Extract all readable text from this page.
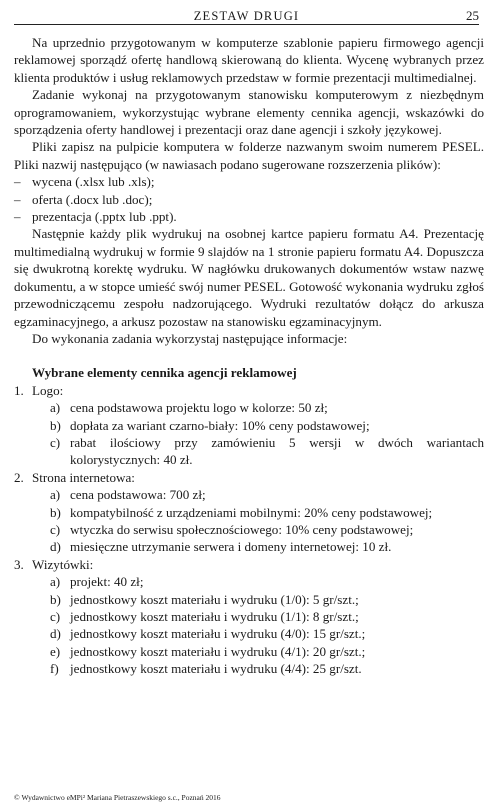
ZESTAW DRUGI	25

Na uprzednio przygotowanym w komputerze szablonie papieru firmowego agencji reklamowej sporządź ofertę handlową skierowaną do klienta. Wycenę wybranych przez klienta produktów i usług reklamowych przedstaw w formie prezentacji multimedialnej.

Zadanie wykonaj na przygotowanym stanowisku komputerowym z niezbędnym oprogramowaniem, wykorzystując wybrane elementy cennika agencji, wskazówki do sporządzenia oferty handlowej i prezentacji oraz dane agencji i szkoły językowej.

Pliki zapisz na pulpicie komputera w folderze nazwanym swoim numerem PESEL. Pliki nazwij następująco (w nawiasach podano sugerowane rozszerzenia plików):

– wycena (.xlsx lub .xls);
– oferta (.docx lub .doc);
– prezentacja (.pptx lub .ppt).

Następnie każdy plik wydrukuj na osobnej kartce papieru formatu A4. Prezentację multimedialną wydrukuj w formie 9 slajdów na 1 stronie papieru formatu A4. Dopuszcza się dwukrotną korektę wydruku. W nagłówku drukowanych dokumentów wstaw nazwę dokumentu, a w stopce umieść swój numer PESEL. Gotowość wykonania wydruku zgłoś przewodniczącemu zespołu nadzorującego. Wydruki rezultatów dołącz do arkusza egzaminacyjnego, a arkusz pozostaw na stanowisku egzaminacyjnym.

Do wykonania zadania wykorzystaj następujące informacje:

Wybrane elementy cennika agencji reklamowej
1. Logo:
a) cena podstawowa projektu logo w kolorze: 50 zł;
b) dopłata za wariant czarno-biały: 10% ceny podstawowej;
c) rabat ilościowy przy zamówieniu 5 wersji w dwóch wariantach kolorystycznych: 40 zł.
2. Strona internetowa:
a) cena podstawowa: 700 zł;
b) kompatybilność z urządzeniami mobilnymi: 20% ceny podstawowej;
c) wtyczka do serwisu społecznościowego: 10% ceny podstawowej;
d) miesięczne utrzymanie serwera i domeny internetowej: 10 zł.
3. Wizytówki:
a) projekt: 40 zł;
b) jednostkowy koszt materiału i wydruku (1/0): 5 gr/szt.;
c) jednostkowy koszt materiału i wydruku (1/1): 8 gr/szt.;
d) jednostkowy koszt materiału i wydruku (4/0): 15 gr/szt.;
e) jednostkowy koszt materiału i wydruku (4/1): 20 gr/szt.;
f) jednostkowy koszt materiału i wydruku (4/4): 25 gr/szt.
© Wydawnictwo eMPi² Mariana Pietraszewskiego s.c., Poznań 2016
